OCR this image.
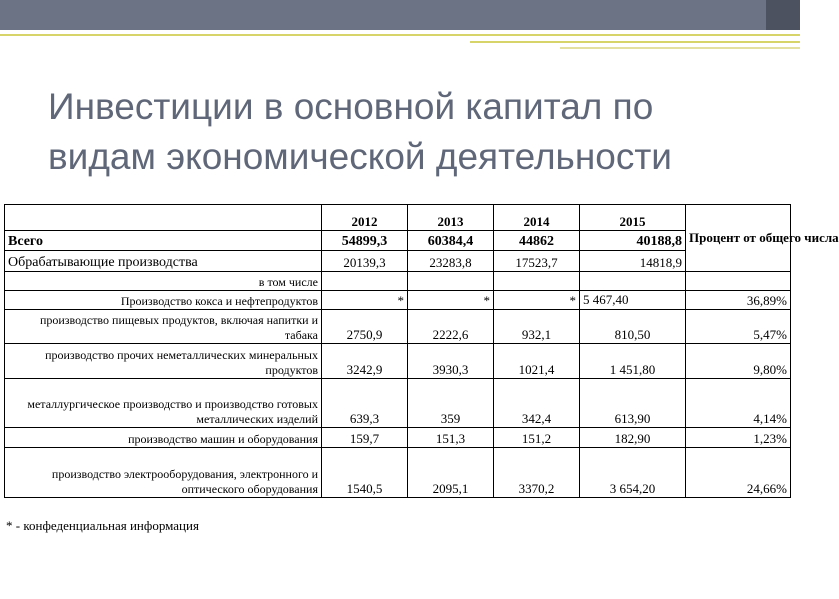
Инвестиции в основной капитал по
видам экономической деятельности
	2012	2013	2014	2015	Процент от общего числа
Всего	54899,3	60384,4	44862	40188,8	
Обрабатывающие производства	20139,3	23283,8	17523,7	14818,9	
в том числе					
Производство кокса и нефтепродуктов	*	*	*	5 467,40	36,89%
производство пищевых продуктов, включая напитки и табака	2750,9	2222,6	932,1	810,50	5,47%
производство прочих неметаллических минеральных продуктов	3242,9	3930,3	1021,4	1 451,80	9,80%
металлургическое производство и производство готовых металлических изделий	639,3	359	342,4	613,90	4,14%
производство машин и оборудования	159,7	151,3	151,2	182,90	1,23%
производство электрооборудования, электронного и оптического оборудования	1540,5	2095,1	3370,2	3 654,20	24,66%
* - конфеденциальная информация
